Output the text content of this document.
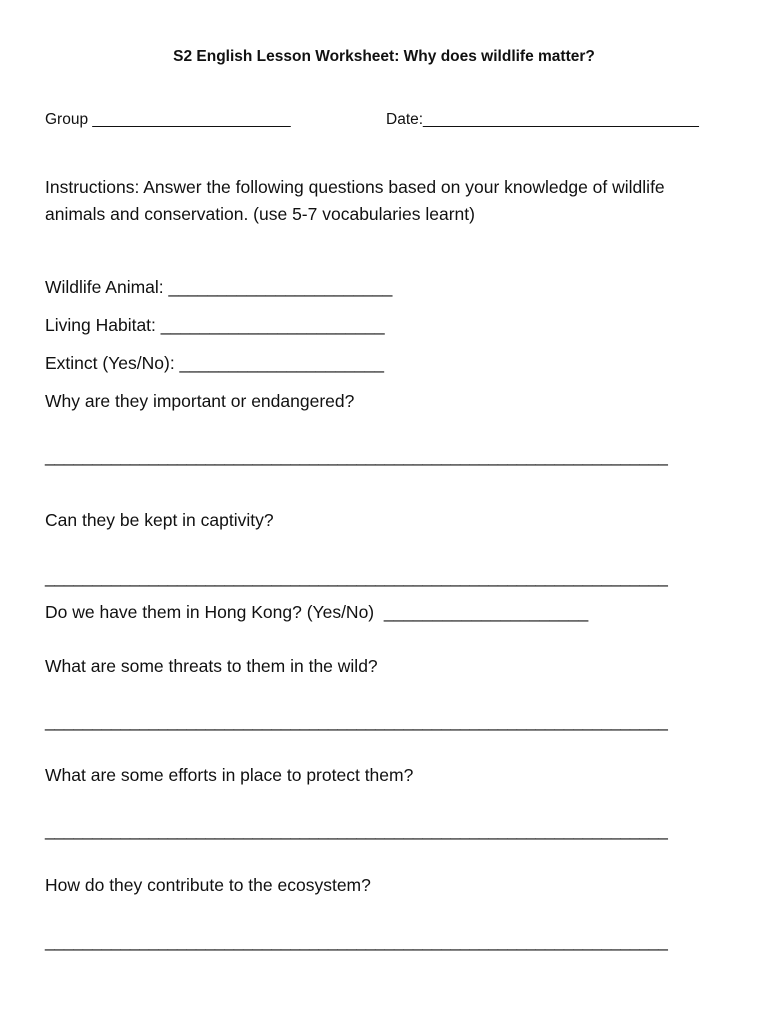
S2 English Lesson Worksheet: Why does wildlife matter?
Group _______________________	Date:________________________________
Instructions: Answer the following questions based on your knowledge of wildlife
animals and conservation. (use 5-7 vocabularies learnt)
Wildlife Animal: _______________________
Living Habitat: _______________________
Extinct (Yes/No): _____________________
Why are they important or endangered?
__________________________________________________________________
Can they be kept in captivity?
__________________________________________________________________
Do we have them in Hong Kong? (Yes/No)  _____________________
What are some threats to them in the wild?
__________________________________________________________________
What are some efforts in place to protect them?
__________________________________________________________________
How do they contribute to the ecosystem?
__________________________________________________________________
